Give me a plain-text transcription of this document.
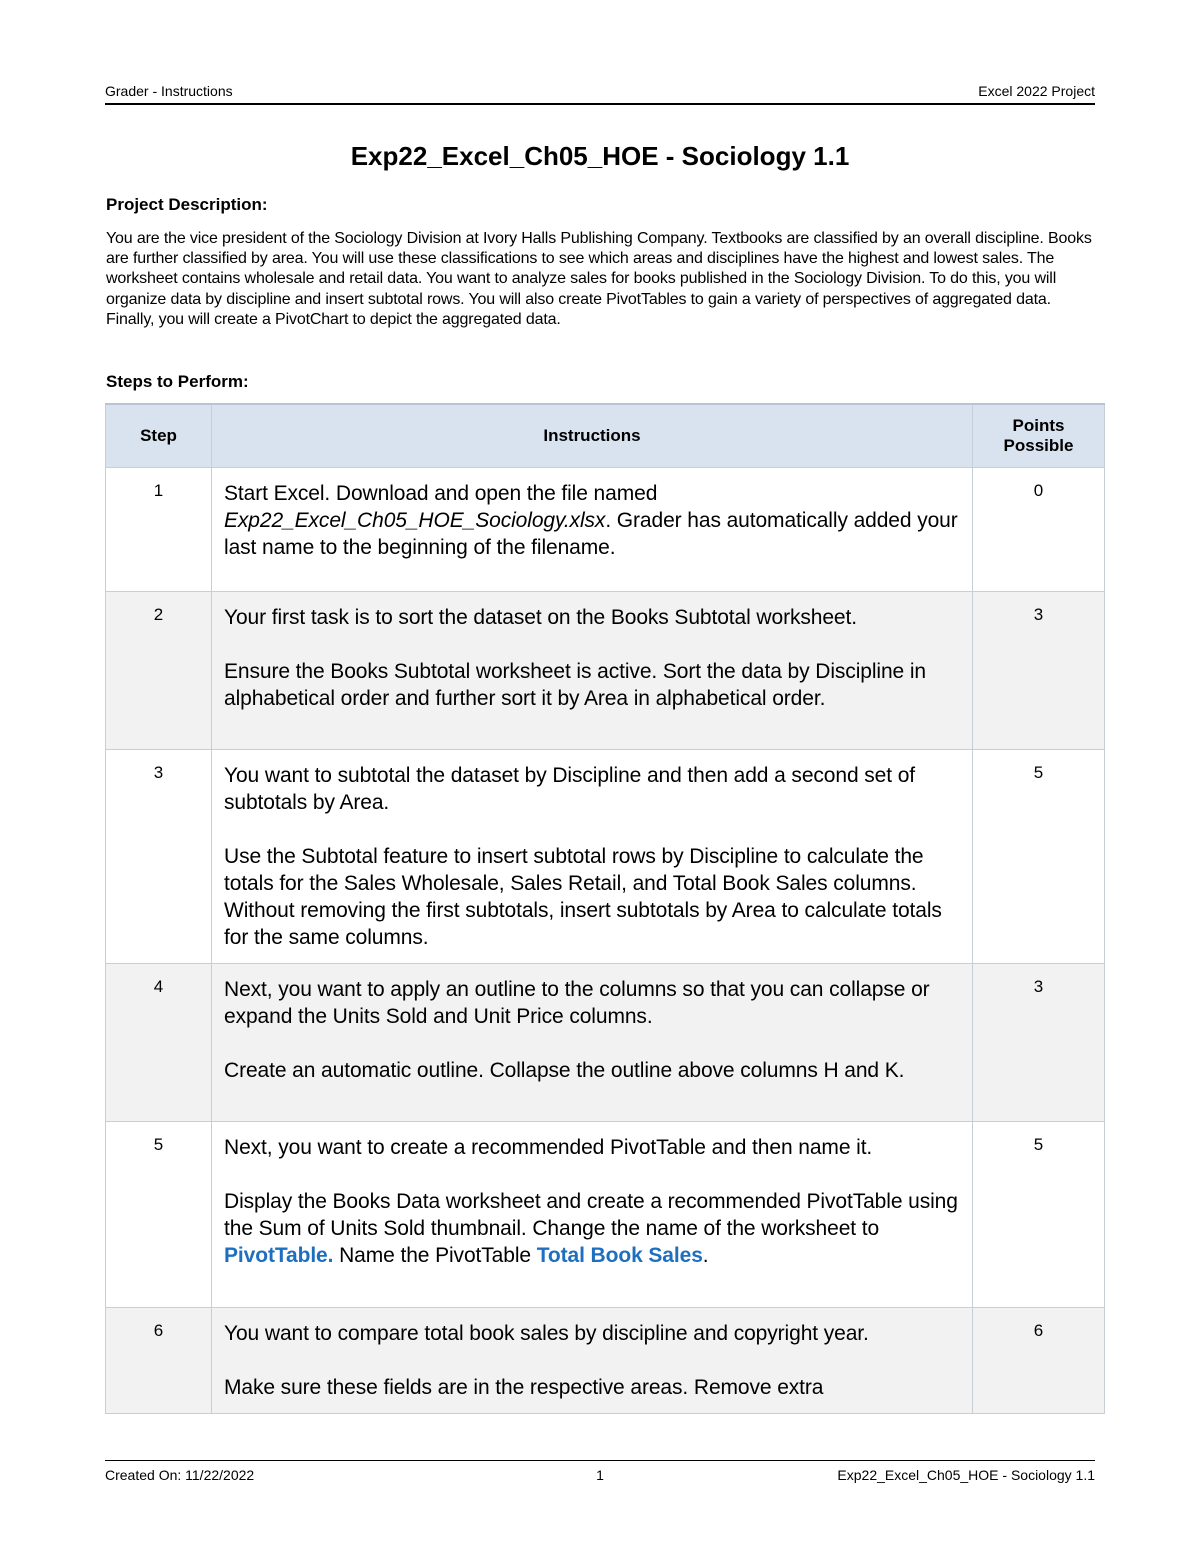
Grader - Instructions	Excel 2022 Project
Exp22_Excel_Ch05_HOE - Sociology 1.1
Project Description:
You are the vice president of the Sociology Division at Ivory Halls Publishing Company. Textbooks are classified by an overall discipline. Books are further classified by area. You will use these classifications to see which areas and disciplines have the highest and lowest sales. The worksheet contains wholesale and retail data. You want to analyze sales for books published in the Sociology Division. To do this, you will organize data by discipline and insert subtotal rows. You will also create PivotTables to gain a variety of perspectives of aggregated data. Finally, you will create a PivotChart to depict the aggregated data.
Steps to Perform:
Step	Instructions	Points
Possible
1	Start Excel. Download and open the file named Exp22_Excel_Ch05_HOE_Sociology.xlsx. Grader has automatically added your last name to the beginning of the filename.	0
2	Your first task is to sort the dataset on the Books Subtotal worksheet.

Ensure the Books Subtotal worksheet is active. Sort the data by Discipline in alphabetical order and further sort it by Area in alphabetical order.	3
3	You want to subtotal the dataset by Discipline and then add a second set of subtotals by Area.

Use the Subtotal feature to insert subtotal rows by Discipline to calculate the totals for the Sales Wholesale, Sales Retail, and Total Book Sales columns. Without removing the first subtotals, insert subtotals by Area to calculate totals for the same columns.	5
4	Next, you want to apply an outline to the columns so that you can collapse or expand the Units Sold and Unit Price columns.

Create an automatic outline. Collapse the outline above columns H and K.	3
5	Next, you want to create a recommended PivotTable and then name it.

Display the Books Data worksheet and create a recommended PivotTable using the Sum of Units Sold thumbnail. Change the name of the worksheet to PivotTable. Name the PivotTable Total Book Sales.	5
6	You want to compare total book sales by discipline and copyright year.

Make sure these fields are in the respective areas. Remove extra	6
Created On: 11/22/2022	1	Exp22_Excel_Ch05_HOE - Sociology 1.1
